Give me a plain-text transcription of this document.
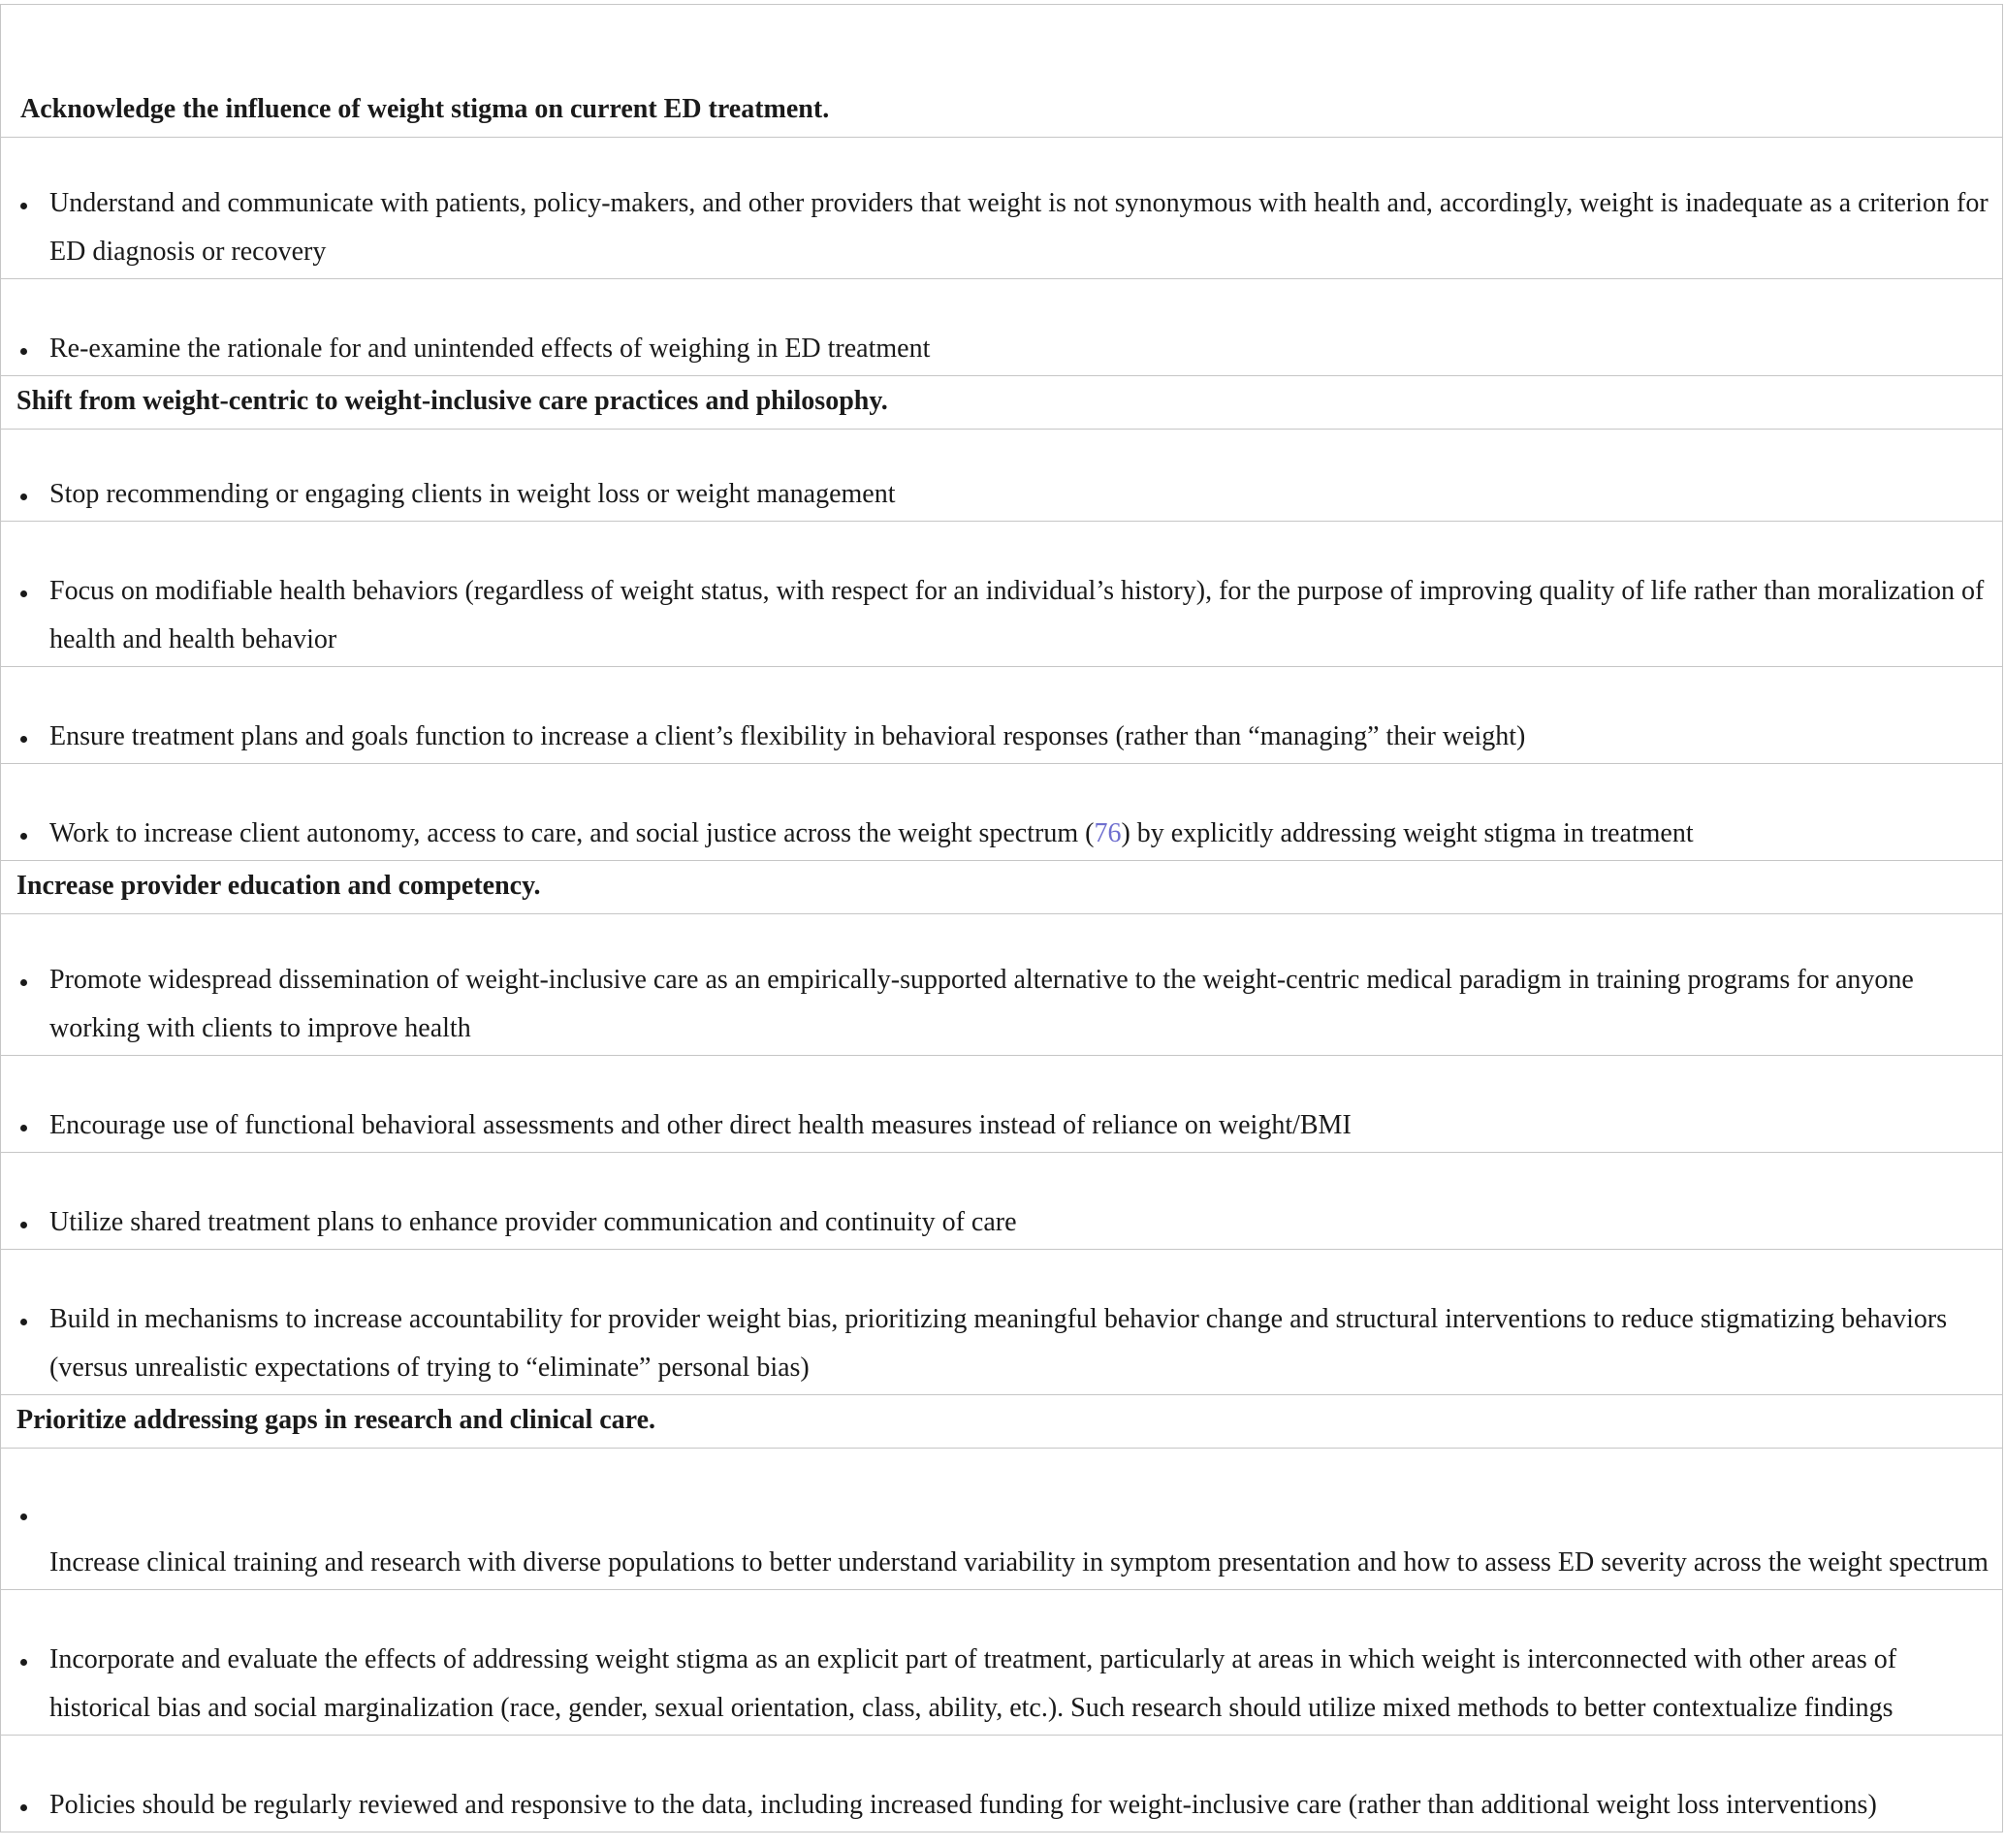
Acknowledge the influence of weight stigma on current ED treatment.
Understand and communicate with patients, policy-makers, and other providers that weight is not synonymous with health and, accordingly, weight is inadequate as a criterion for ED diagnosis or recovery
Re-examine the rationale for and unintended effects of weighing in ED treatment
Shift from weight-centric to weight-inclusive care practices and philosophy.
Stop recommending or engaging clients in weight loss or weight management
Focus on modifiable health behaviors (regardless of weight status, with respect for an individual’s history), for the purpose of improving quality of life rather than moralization of health and health behavior
Ensure treatment plans and goals function to increase a client’s flexibility in behavioral responses (rather than “managing” their weight)
Work to increase client autonomy, access to care, and social justice across the weight spectrum (76) by explicitly addressing weight stigma in treatment
Increase provider education and competency.
Promote widespread dissemination of weight-inclusive care as an empirically-supported alternative to the weight-centric medical paradigm in training programs for anyone working with clients to improve health
Encourage use of functional behavioral assessments and other direct health measures instead of reliance on weight/BMI
Utilize shared treatment plans to enhance provider communication and continuity of care
Build in mechanisms to increase accountability for provider weight bias, prioritizing meaningful behavior change and structural interventions to reduce stigmatizing behaviors (versus unrealistic expectations of trying to “eliminate” personal bias)
Prioritize addressing gaps in research and clinical care.
Increase clinical training and research with diverse populations to better understand variability in symptom presentation and how to assess ED severity across the weight spectrum
Incorporate and evaluate the effects of addressing weight stigma as an explicit part of treatment, particularly at areas in which weight is interconnected with other areas of historical bias and social marginalization (race, gender, sexual orientation, class, ability, etc.). Such research should utilize mixed methods to better contextualize findings
Policies should be regularly reviewed and responsive to the data, including increased funding for weight-inclusive care (rather than additional weight loss interventions)
